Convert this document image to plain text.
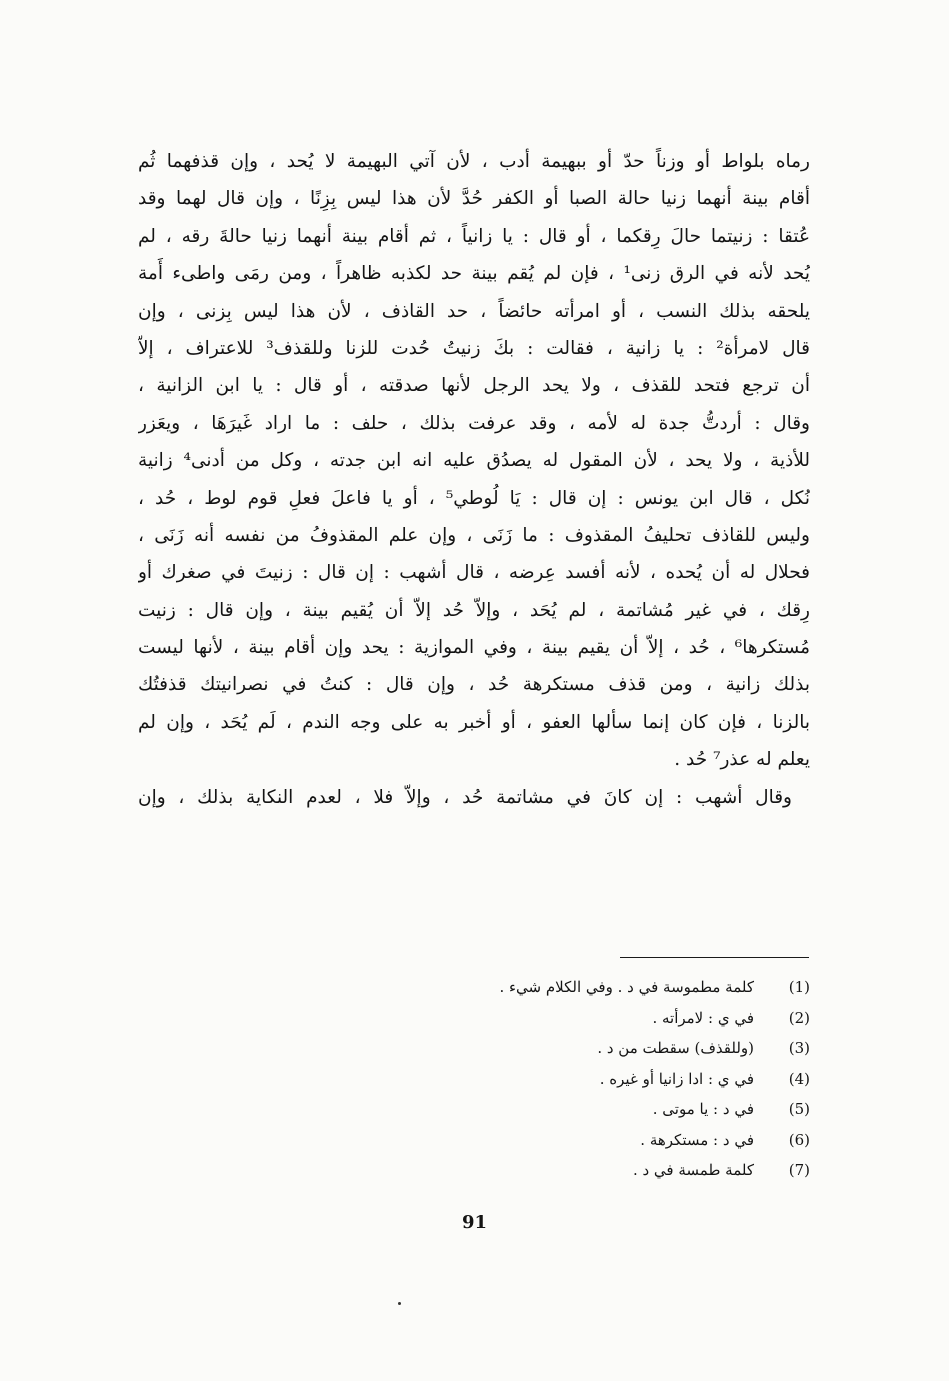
رماه بلواط أو وزناً حدّ أو ببهيمة أدب ، لأن آتي البهيمة لا يُحد ، وإن قذفهما ثُم
أقام بينة أنهما زنيا حالة الصبا أو الكفر حُدَّ لأن هذا ليس بِزِنًا ، وإن قال لهما وقد
عُتقا : زنيتما حالَ رِقكما ، أو قال : يا زانياً ، ثم أقام بينة أنهما زنيا حالةَ رقه ، لم
يُحد لأنه في الرق زنى¹ ، فإن لم يُقم بينة حد لكذبه ظاهراً ، ومن رمَى واطىء أَمة
يلحقه بذلك النسب ، أو امرأته حائضاً ، حد القاذف ، لأن هذا ليس بِزنى ، وإن
قال لامرأة² : يا زانية ، فقالت : بكَ زنيتُ حُدت للزنا وللقذف³ للاعتراف ، إلاّ
أن ترجع فتحد للقذف ، ولا يحد الرجل لأنها صدقته ، أو قال : يا ابن الزانية ،
وقال : أردتُّ جدة له لأمه ، وقد عرفت بذلك ، حلف : ما اراد غَيرَهَا ، ويعَزر
للأذية ، ولا يحد ، لأن المقول له يصدُق عليه انه ابن جدته ، وكل من أدنى⁴ زانية
نُكل ، قال ابن يونس : إن قال : يَا لُوطي⁵ ، أو يا فاعلَ فعلِ قوم لوط ، حُد ،
وليس للقاذف تحليفُ المقذوف : ما زَنَى ، وإن علم المقذوفُ من نفسه أنه زَنَى ،
فحلال له أن يُحده ، لأنه أفسد عِرضه ، قال أشهب : إن قال : زنيتَ في صغرك أو
رِقك ، في غير مُشاتمة ، لم يُحَد ، وإلاّ حُد إلاّ أن يُقيم بينة ، وإن قال : زنيت
مُستكرها⁶ ، حُد ، إلاّ أن يقيم بينة ، وفي الموازية : يحد وإن أقام بينة ، لأنها ليست
بذلك زانية ، ومن قذف مستكرهة حُد ، وإن قال : كنتُ في نصرانيتك قذفتُك
بالزنا ، فإن كان إنما سألها العفو ، أو أخبر به على وجه الندم ، لَم يُحَد ، وإن لم
يعلم له عذر⁷ حُد .
وقال أشهب : إن كانَ في مشاتمة حُد ، وإلاّ فلا ، لعدم النكاية بذلك ، وإن
(1)
كلمة مطموسة في د . وفي الكلام شيء .
(2)
في ي : لامرأته .
(3)
(وللقذف) سقطت من د .
(4)
في ي : ادا زانيا أو غيره .
(5)
في د : يا موتى .
(6)
في د : مستكرهة .
(7)
كلمة طمسة في د .
91
